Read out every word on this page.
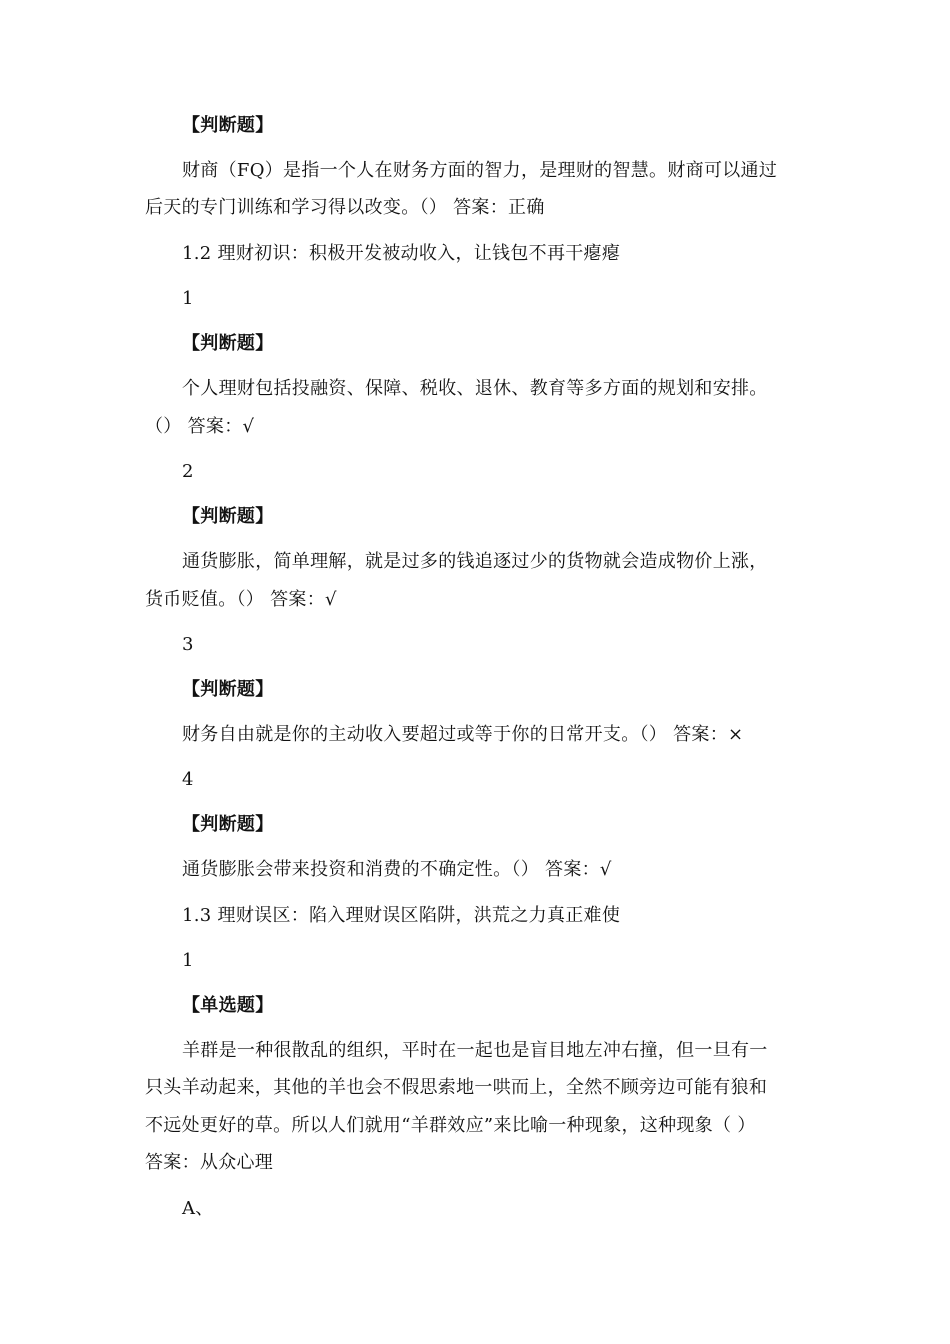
【判断题】
财商（FQ）是指一个人在财务方面的智力，是理财的智慧。财商可以通过
后天的专门训练和学习得以改变。（） 答案：正确
1.2 理财初识：积极开发被动收入，让钱包不再干瘪瘪
1
【判断题】
个人理财包括投融资、保障、税收、退休、教育等多方面的规划和安排。
（） 答案：√
2
【判断题】
通货膨胀，简单理解，就是过多的钱追逐过少的货物就会造成物价上涨，
货币贬值。（） 答案：√
3
【判断题】
财务自由就是你的主动收入要超过或等于你的日常开支。（） 答案：×
4
【判断题】
通货膨胀会带来投资和消费的不确定性。（） 答案：√
1.3 理财误区：陷入理财误区陷阱，洪荒之力真正难使
1
【单选题】
羊群是一种很散乱的组织，平时在一起也是盲目地左冲右撞，但一旦有一
只头羊动起来，其他的羊也会不假思索地一哄而上，全然不顾旁边可能有狼和
不远处更好的草。所以人们就用“羊群效应”来比喻一种现象，这种现象（ ）
答案：从众心理
A、
